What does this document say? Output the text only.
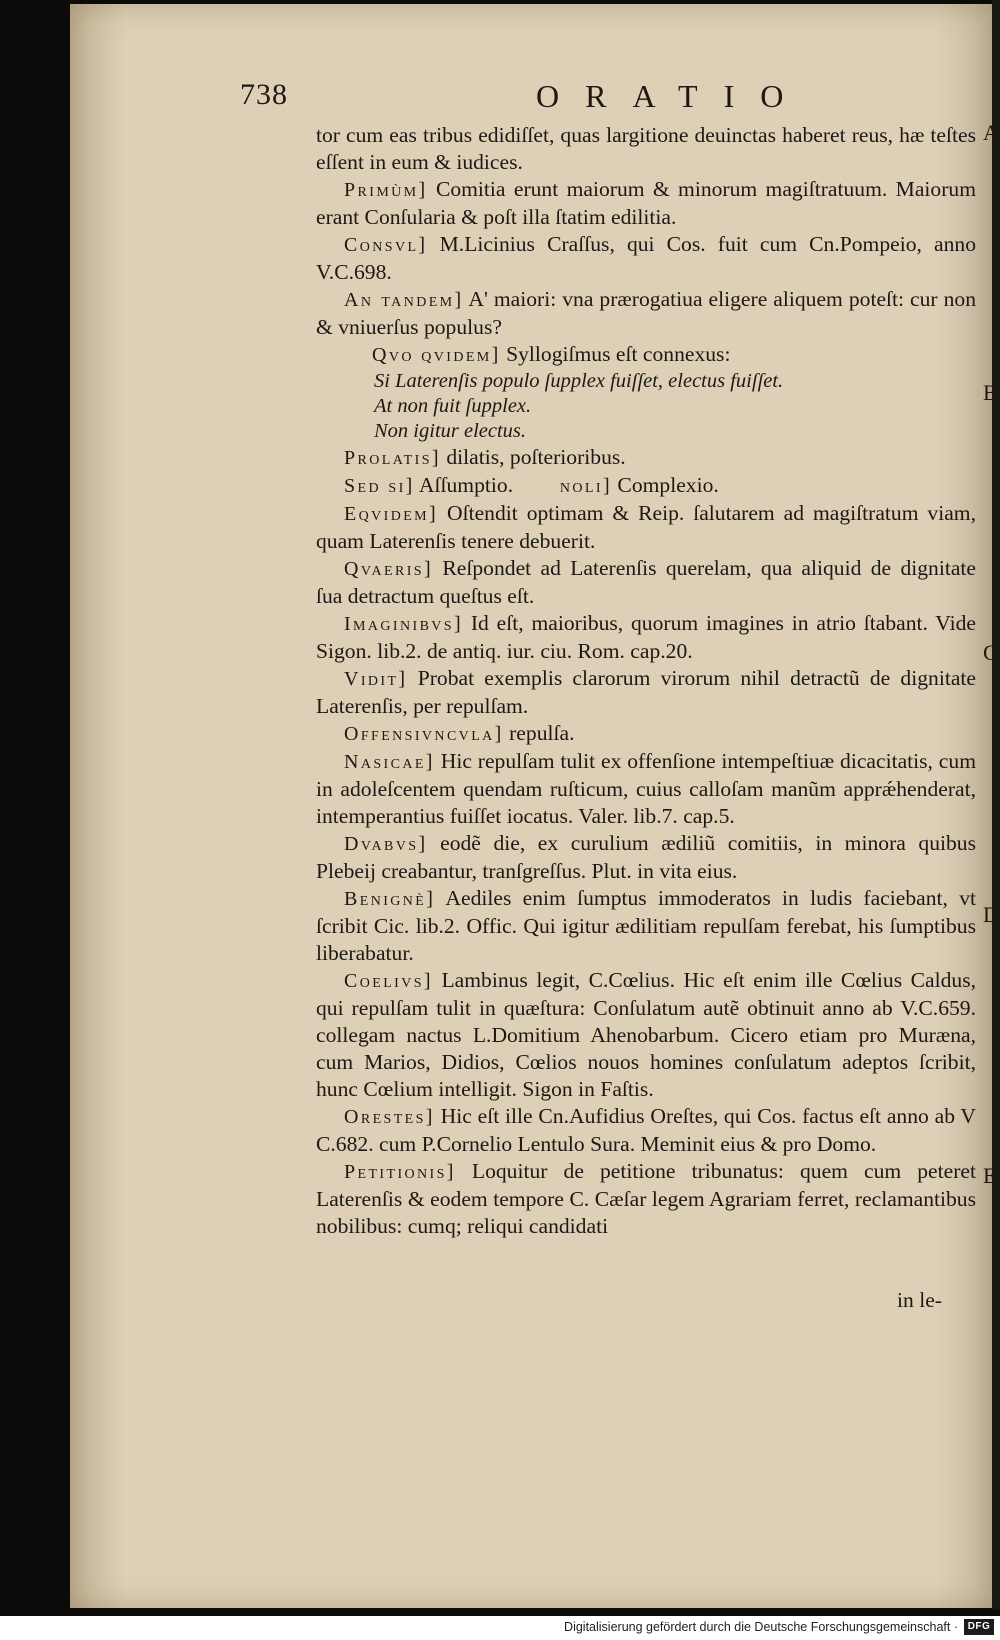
738	ORATIO

tor cum eas tribus edidiſſet, quas largitione deuinctas haberet reus, hæ teſtes eſſent in eum & iudices.

Primùm] Comitia erunt maiorum & minorum magiſtratuum. Maiorum erant Conſularia & poſt illa ſtatim edilitia.

Consvl] M.Licinius Craſſus, qui Cos. fuit cum Cn.Pompeio, anno V.C.698.

An tandem] A' maiori: vna prærogatiua eligere aliquem poteſt: cur non & vniuerſus populus?

Qvo qvidem] Syllogiſmus eſt connexus:

Si Laterenſis populo ſupplex fuiſſet, electus fuiſſet.

At non fuit ſupplex.

Non igitur electus.

Prolatis] dilatis, poſterioribus.

Sed si] Aſſumptio. noli] Complexio.

Eqvidem] Oſtendit optimam & Reip. ſalutarem ad magiſtratum viam, quam Laterenſis tenere debuerit.

Qvaeris] Reſpondet ad Laterenſis querelam, qua aliquid de dignitate ſua detractum queſtus eſt.

Imaginibvs] Id eſt, maioribus, quorum imagines in atrio ſtabant. Vide Sigon. lib.2. de antiq. iur. ciu. Rom. cap.20.

Vidit] Probat exemplis clarorum virorum nihil detractũ de dignitate Laterenſis, per repulſam.

Offensivncvla] repulſa.

Nasicae] Hic repulſam tulit ex offenſione intempeſtiuæ dicacitatis, cum in adoleſcentem quendam ruſticum, cuius calloſam manũm apprǽhenderat, intemperantius fuiſſet iocatus. Valer. lib.7. cap.5.

Dvabvs] eodẽ die, ex curulium ædiliũ comitiis, in minora quibus Plebeij creabantur, tranſgreſſus. Plut. in vita eius.

Benignè] Aediles enim ſumptus immoderatos in ludis faciebant, vt ſcribit Cic. lib.2. Offic. Qui igitur ædilitiam repulſam ferebat, his ſumptibus liberabatur.

Coelivs] Lambinus legit, C.Cœlius. Hic eſt enim ille Cœlius Caldus, qui repulſam tulit in quæſtura: Conſulatum autẽ obtinuit anno ab V.C.659. collegam nactus L.Domitium Ahenobarbum. Cicero etiam pro Muræna, cum Marios, Didios, Cœlios nouos homines conſulatum adeptos ſcribit, hunc Cœlium intelligit. Sigon in Faſtis.

Orestes] Hic eſt ille Cn.Aufidius Oreſtes, qui Cos. factus eſt anno ab V C.682. cum P.Cornelio Lentulo Sura. Meminit eius & pro Domo.

Petitionis] Loquitur de petitione tribunatus: quem cum peteret Laterenſis & eodem tempore C. Cæſar legem Agrariam ferret, reclamantibus nobilibus: cumq; reliqui candidati

in le-
A
B
C
D
E
Digitalisierung gefördert durch die Deutsche Forschungsgemeinschaft · DFG
